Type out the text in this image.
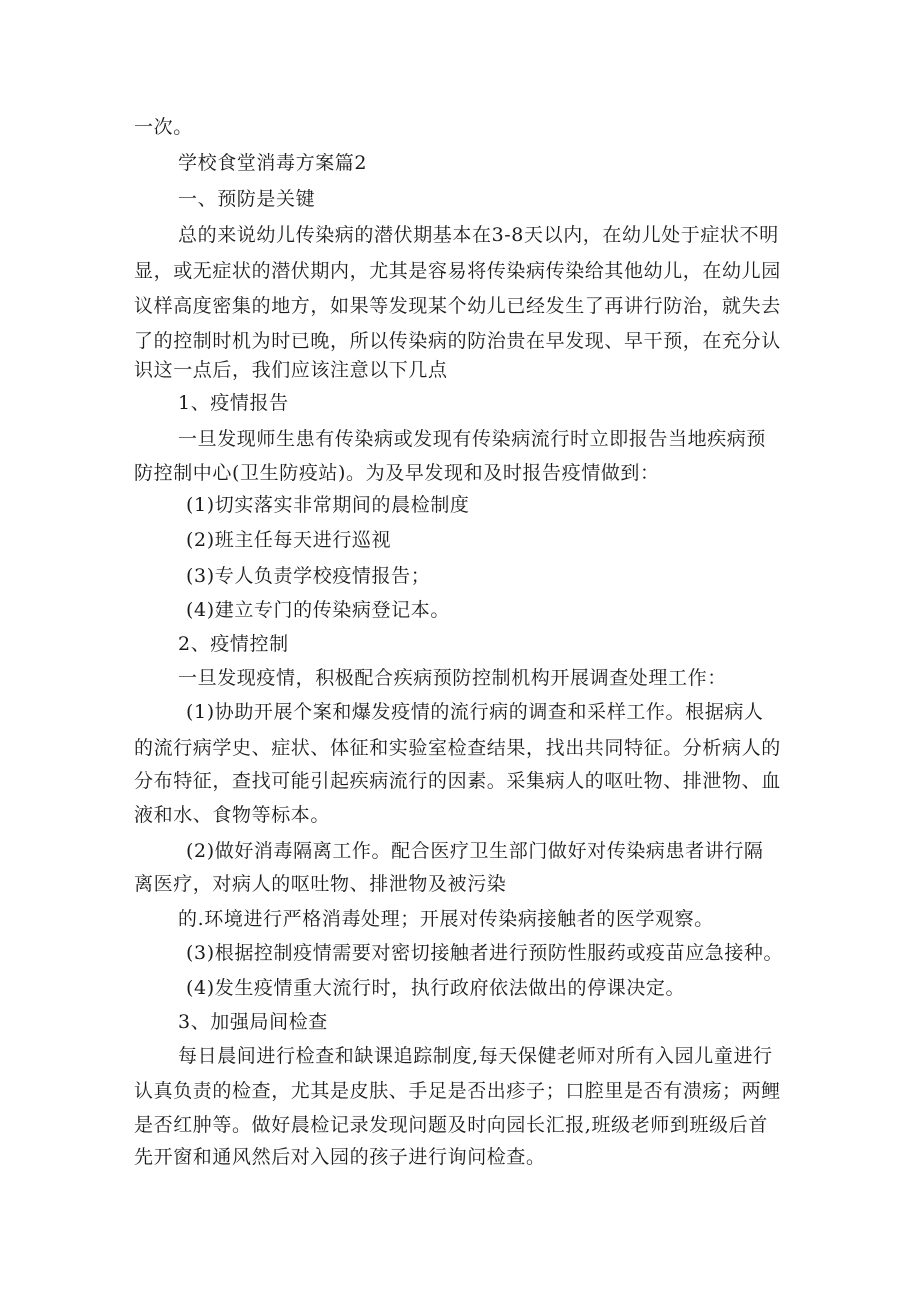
一次。
学校食堂消毒方案篇2
一、预防是关键
总的来说幼儿传染病的潜伏期基本在3-8天以内，在幼儿处于症状不明
显，或无症状的潜伏期内，尤其是容易将传染病传染给其他幼儿，在幼儿园
议样高度密集的地方，如果等发现某个幼儿已经发生了再讲行防治，就失去
了的控制时机为时已晚，所以传染病的防治贵在早发现、早干预，在充分认
识这一点后，我们应该注意以下几点
1、疫情报告
一旦发现师生患有传染病或发现有传染病流行时立即报告当地疾病预
防控制中心(卫生防疫站)。为及早发现和及时报告疫情做到：
(1)切实落实非常期间的晨检制度
(2)班主任每天进行巡视
(3)专人负责学校疫情报告；
(4)建立专门的传染病登记本。
2、疫情控制
一旦发现疫情，积极配合疾病预防控制机构开展调查处理工作：
(1)协助开展个案和爆发疫情的流行病的调查和采样工作。根据病人
的流行病学史、症状、体征和实验室检查结果，找出共同特征。分析病人的
分布特征，查找可能引起疾病流行的因素。采集病人的呕吐物、排泄物、血
液和水、食物等标本。
(2)做好消毒隔离工作。配合医疗卫生部门做好对传染病患者讲行隔
离医疗，对病人的呕吐物、排泄物及被污染
的.环境进行严格消毒处理；开展对传染病接触者的医学观察。
(3)根据控制疫情需要对密切接触者进行预防性服药或疫苗应急接种。
(4)发生疫情重大流行时，执行政府依法做出的停课决定。
3、加强局间检查
每日晨间进行检查和缺课追踪制度,每天保健老师对所有入园儿童进行
认真负责的检查，尤其是皮肤、手足是否出疹子；口腔里是否有溃疡；两鲤
是否红肿等。做好晨检记录发现问题及时向园长汇报,班级老师到班级后首
先开窗和通风然后对入园的孩子进行询问检查。
